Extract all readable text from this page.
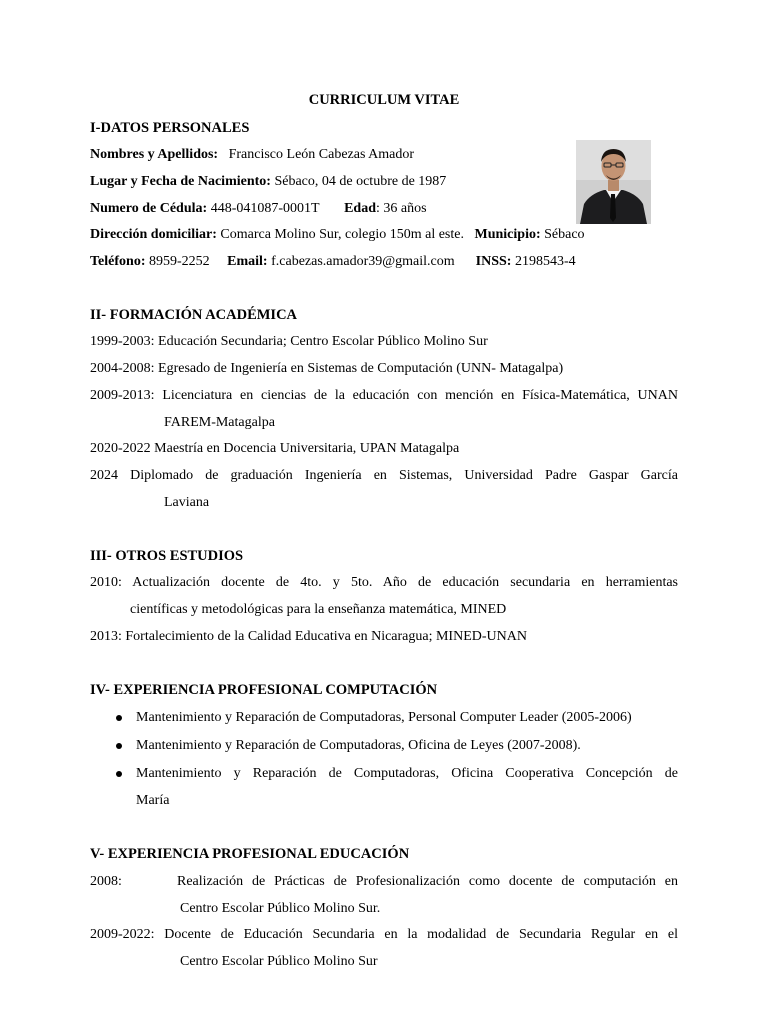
CURRICULUM VITAE
I-DATOS PERSONALES
Nombres y Apellidos: Francisco León Cabezas Amador
Lugar y Fecha de Nacimiento: Sébaco, 04 de octubre de 1987
Numero de Cédula: 448-041087-0001T Edad: 36 años
Dirección domiciliar: Comarca Molino Sur, colegio 150m al este. Municipio: Sébaco
Teléfono: 8959-2252 Email: f.cabezas.amador39@gmail.com INSS: 2198543-4
II- FORMACIÓN ACADÉMICA
1999-2003: Educación Secundaria; Centro Escolar Público Molino Sur
2004-2008: Egresado de Ingeniería en Sistemas de Computación (UNN- Matagalpa)
2009-2013: Licenciatura en ciencias de la educación con mención en Física-Matemática, UNAN
FAREM-Matagalpa
2020-2022 Maestría en Docencia Universitaria, UPAN Matagalpa
2024 Diplomado de graduación Ingeniería en Sistemas, Universidad Padre Gaspar García
Laviana
III- OTROS ESTUDIOS
2010: Actualización docente de 4to. y 5to. Año de educación secundaria en herramientas
científicas y metodológicas para la enseñanza matemática, MINED
2013: Fortalecimiento de la Calidad Educativa en Nicaragua; MINED-UNAN
IV- EXPERIENCIA PROFESIONAL COMPUTACIÓN
Mantenimiento y Reparación de Computadoras, Personal Computer Leader (2005-2006)
Mantenimiento y Reparación de Computadoras, Oficina de Leyes (2007-2008).
Mantenimiento y Reparación de Computadoras, Oficina Cooperativa Concepción de
María
V- EXPERIENCIA PROFESIONAL EDUCACIÓN
2008:	Realización de Prácticas de Profesionalización como docente de computación en
Centro Escolar Público Molino Sur.
2009-2022: Docente de Educación Secundaria en la modalidad de Secundaria Regular en el
Centro Escolar Público Molino Sur
